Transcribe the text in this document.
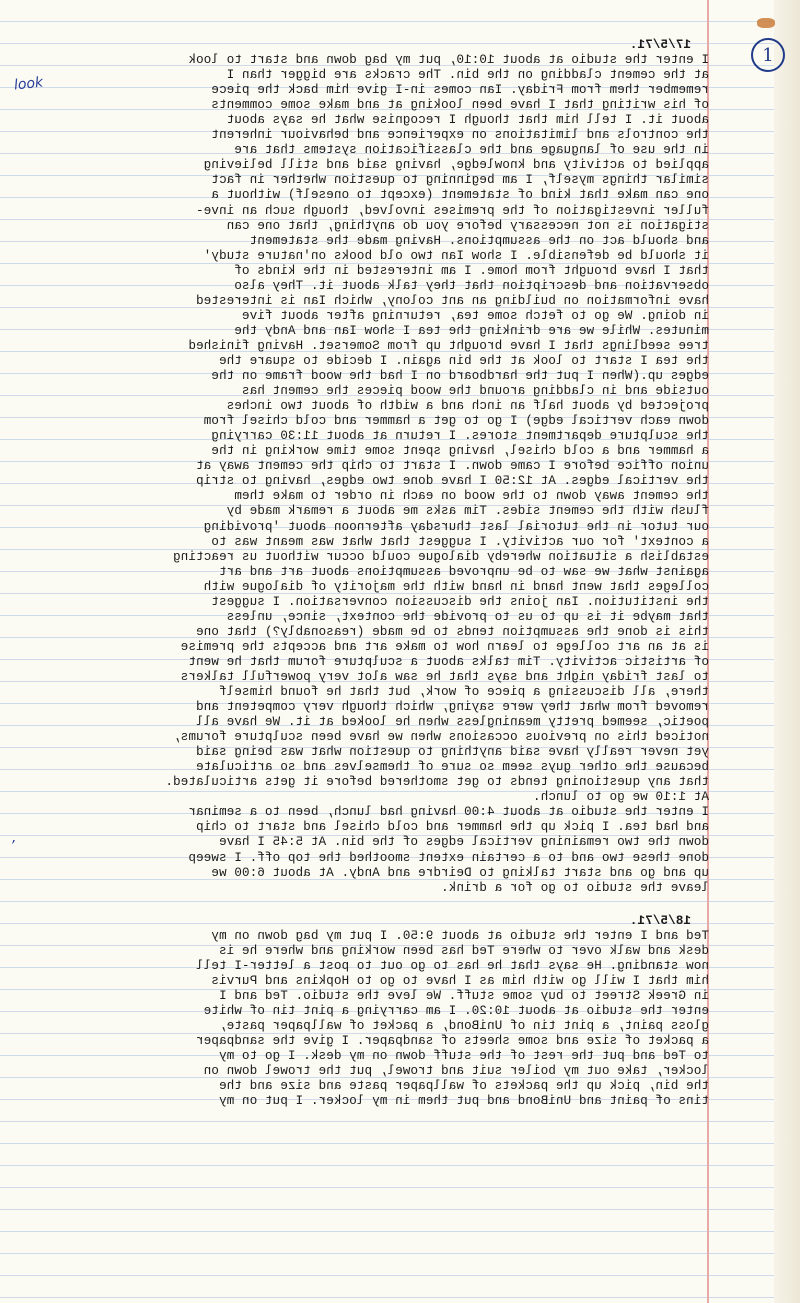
1
look
,
17/5/71.
I enter the studio at about 10:10, put my bag down and start to look
at the cement cladding on the bin. The cracks are bigger than I
remember them from Friday. Ian comes in-I give him back the piece
of his writing that I have been looking at and make some comments
about it. I tell him that though I recognise what he says about
the controls and limitations on experience and behaviour inherent
in the use of language and the classification systems that are
applied to activity and knowledge, having said and still believing
similar things myself, I am beginning to question whether in fact
one can make that kind of statement (except to oneself) without a
fuller investigation of the premises involved, though such an inve-
stigation is not necessary before you do anything, that one can
and should act on the assumptions. Having made the statement
it should be defensible. I show Ian two old books on'nature study'
that I have brought from home. I am interested in the kinds of
observation and description that they talk about it. They also
have information on building an ant colony, which Ian is interested
in doing. We go to fetch some tea, returning after about five
minutes. While we are drinking the tea I show Ian and Andy the
tree seedlings that I have brought up from Somerset. Having finished
the tea I start to look at the bin again. I decide to square the
edges up.(When I put the hardboard on I had the wood frame on the
outside and in cladding around the wood pieces the cement has
projected by about half an inch and a width of about two inches
down each vertical edge) I go to get a hammer and cold chisel from
the sculpture department stores. I return at about 11:30 carrying
a hammer and a cold chisel, having spent some time working in the
union office before I came down. I start to chip the cement away at
the vertical edges. At 12:50 I have done two edges, having to strip
the cement away down to the wood on each in order to make them
flush with the cement sides. Tim asks me about a remark made by
our tutor in the tutorial last thursday afternoon about 'providing
a context' for our activity. I suggest that what was meant was to
establish a situation whereby dialogue could occur without us reacting
against what we saw to be unproved assumptions about art and art
colleges that went hand in hand with the majority of dialogue with
the institution. Ian joins the discussion conversation. I suggest
that maybe it is up to us to provide the context, since, unless
this is done the assumption tends to be made (reasonably?) that one
is at an art college to learn how to make art and accepts the premise
of artistic activity. Tim talks about a sculpture forum that he went
to last friday night and says that he saw alot very powerfull talkers
there, all discussing a piece of work, but that he found himself
removed from what they were saying, which though very competent and
poetic, seemed pretty meaningless when he looked at it. We have all
noticed this on previous occasions when we have been sculpture forums,
yet never really have said anything to question what was being said
because the other guys seem so sure of themselves and so articulate
that any questioning tends to get smothered before it gets articulated.
At 1:10 we go to lunch.
I enter the studio at about 4:00 having had lunch, been to a seminar
and had tea. I pick up the hammer and cold chisel and start to chip
down the two remaining vertical edges of the bin. At 5:45 I have
done these two and to a certain extent smoothed the top off. I sweep
up and go and start talking to Deirdre and Andy. At about 6:00 we
leave the studio to go for a drink.
18/5/71.
Ted and I enter the studio at about 9:50. I put my bag down on my
desk and walk over to where Ted has been working and where he is
now standing. He says that he has to go out to post a letter-I tell
him that I will go with him as I have to go to Hopkins and Purvis
in Greek Street to buy some stuff. We leve the studio. Ted and I
enter the studio at about 10:20. I am carrying a pint tin of white
gloss paint, a pint tin of UniBond, a packet of wallpaper paste,
a packet of size and some sheets of sandpaper. I give the sandpaper
to Ted and put the rest of the stuff down on my desk. I go to my
locker, take out my boiler suit and trowel, put the trowel down on
the bin, pick up the packets of wallpaper paste and size and the
tins of paint and UniBond and put them in my locker. I put on my
